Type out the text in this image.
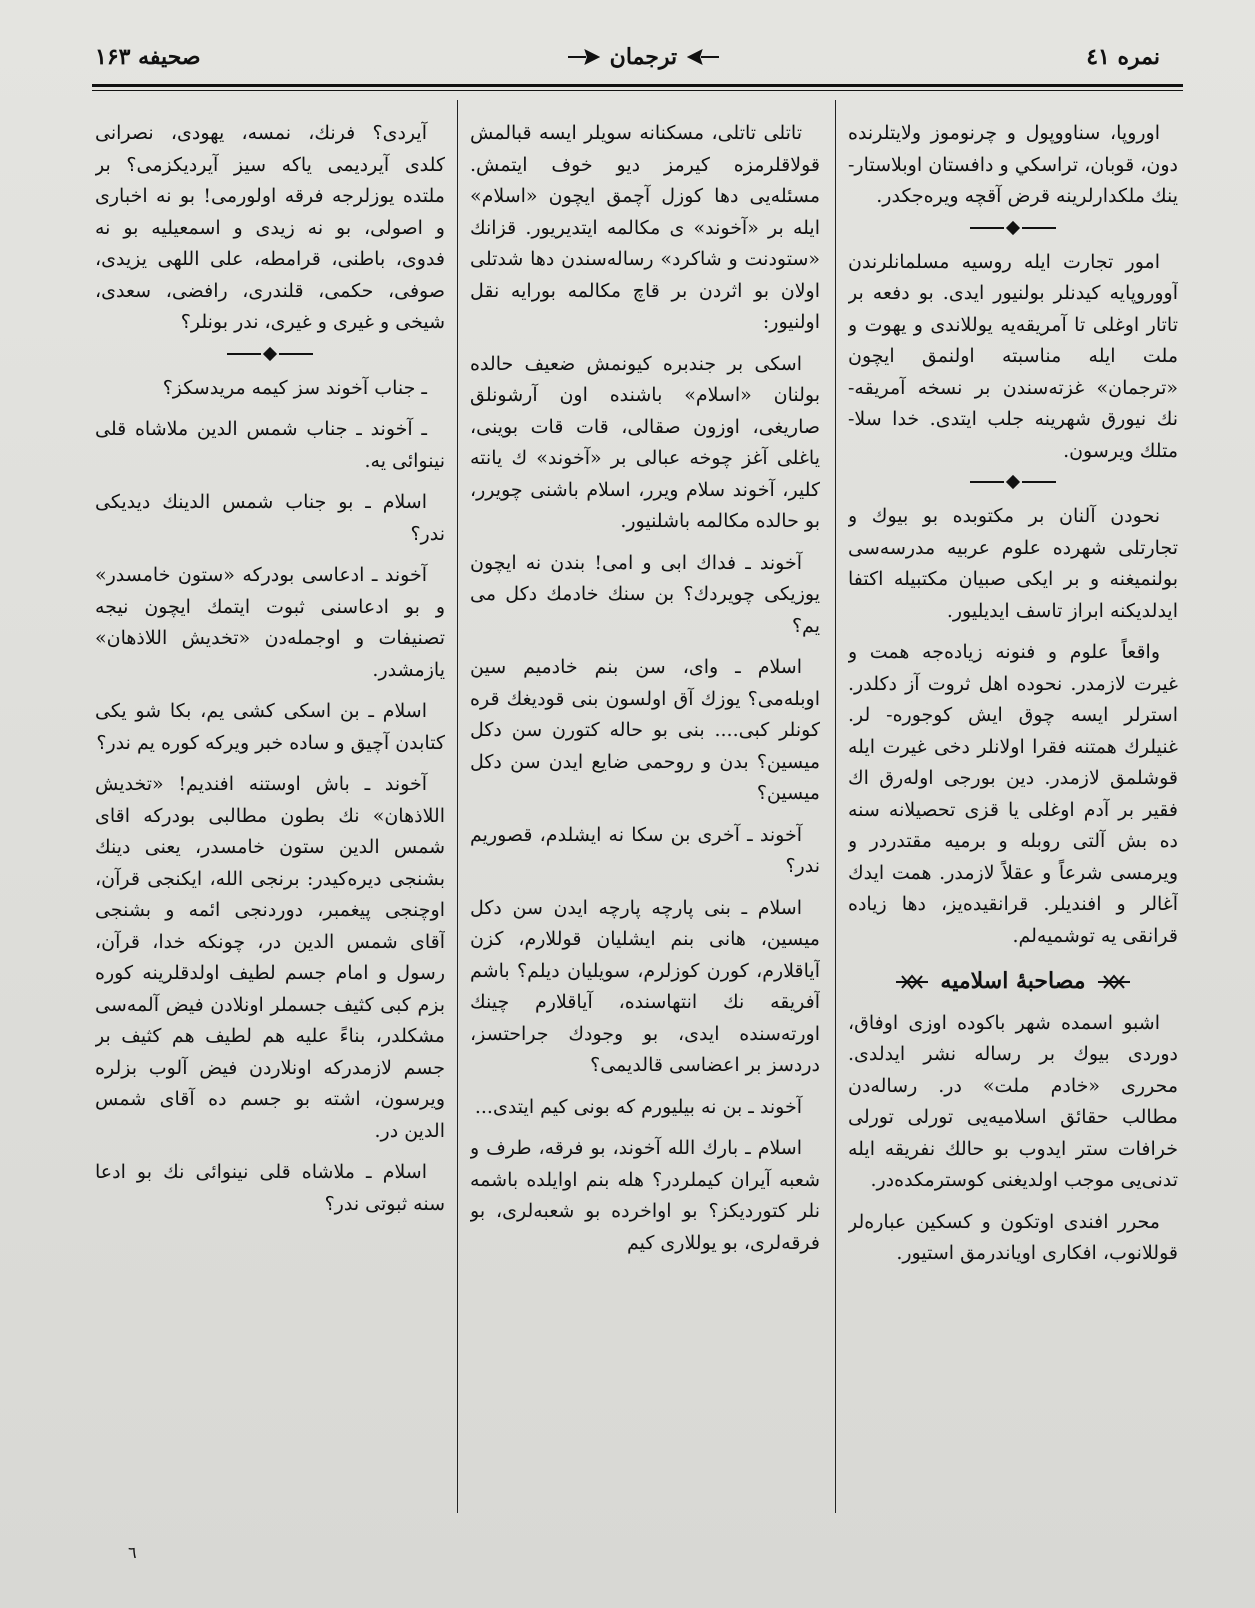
نمره ٤١
ترجمان
صحيفه ۱۶۳

اوروپا، سناووپول و چرنوموز ولايتلرنده دون، قوبان، تراسكي و دافستان اوبلاستار- ينك ملكدارلرينه قرض آقچه ويره‌جكدر.

امور تجارت ايله روسيه مسلمانلرندن آووروپايه كيدنلر بولنيور ايدى. بو دفعه بر تاتار اوغلى تا آمريقه‌يه يوللاندى و يهوت و ملت ايله مناسبته اولنمق ايچون «ترجمان» غزته‌سندن بر نسخه آمريقه- نك نيورق شهرينه جلب ايتدى. خدا سلا- متلك ويرسون.

نحودن آلنان بر مكتوبده بو بيوك و تجارتلى شهرده علوم عربيه مدرسه‌سى بولنميغنه و بر ايكى صبيان مكتبيله اكتفا ايدلديكنه ابراز تاسف ايديليور.

واقعاً علوم و فنونه زياده‌جه همت و غيرت لازمدر. نحوده اهل ثروت آز دكلدر. استرلر ايسه چوق ايش كوجوره- لر. غنيلرك همتنه فقرا اولانلر دخى غيرت ايله قوشلمق لازمدر. دين بورجى اولەرق اك فقير بر آدم اوغلى يا قزى تحصيلانه سنه ده بش آلتى روبله و برميه مقتدردر و ويرمسى شرعاً و عقلاً لازمدر. همت ايدك آغالر و افنديلر. قرانقيده‌يز، دها زياده قرانقى يه توشميه‌لم.

مصاحبهٔ اسلاميه

اشبو اسمده شهر باكوده اوزى اوفاق، دوردى بيوك بر رساله نشر ايدلدى. محررى «خادم ملت» در. رساله‌دن مطالب حقائق اسلاميه‌يى تورلى تورلى خرافات ستر ايدوب بو حالك نفريقه ايله تدنى‌يى موجب اولديغنى كوسترمكده‌در.

محرر افندى اوتكون و كسكين عبارەلر قوللانوب، افكارى اوياندرمق استيور.

تاتلى تاتلى، مسكنانه سويلر ايسه قبالمش قولاقلرمزه كيرمز ديو خوف ايتمش. مسئله‌يى دها كوزل آچمق ايچون «اسلام» ايله بر «آخوند» ى مكالمه ايتديريور. قزانك «ستودنت و شاكرد» رساله‌سندن دها شدتلى اولان بو اثردن بر قاچ مكالمه بورايه نقل اولنيور:

اسكى بر جندبره كيونمش ضعيف حالده بولنان «اسلام» باشنده اون آرشونلق صاريغى، اوزون صقالى، قات قات بوينى، ياغلى آغز چوخه عبالى بر «آخوند» ك يانته كلير، آخوند سلام ويرر، اسلام باشنى چويرر، بو حالده مكالمه باشلنيور.

آخوند ـ فداك ابى و امى! بندن نه ايچون يوزيكى چويردك؟ بن سنك خادمك دكل مى يم؟

اسلام ـ واى، سن بنم خادميم سين اوبله‌مى؟ يوزك آق اولسون بنى قوديغك قره كونلر كبى.... بنى بو حاله كتورن سن دكل ميسين؟ بدن و روحمى ضايع ايدن سن دكل ميسين؟

آخوند ـ آخرى بن سكا نه ايشلدم، قصوريم ندر؟

اسلام ـ بنى پارچه پارچه ايدن سن دكل ميسين، هانى بنم ايشليان قوللارم، كزن آياقلارم، كورن كوزلرم، سويليان ديلم؟ باشم آفريقه نك انتهاسنده، آياقلارم چينك اورته‌سنده ايدى، بو وجودك جراحتسز، دردسز بر اعضاسى قالديمى؟

آخوند ـ بن نه بيليورم كه بونى كيم ايتدى...

اسلام ـ بارك الله آخوند، بو فرقه، طرف و شعبه آيران كيملردر؟ هله بنم اوايلده باشمه نلر كتورديكز؟ بو اواخرده بو شعبه‌لرى، بو فرقه‌لرى، بو يوللارى كيم

آيردى؟ فرنك، نمسه، يهودى، نصرانى كلدى آيرديمى ياكه سيز آيرديكزمى؟ بر ملتده يوزلرجه فرقه اولورمى! بو نه اخبارى و اصولى، بو نه زيدى و اسمعيليه بو نه فدوى، باطنى، قرامطه، على اللهى يزيدى، صوفى، حكمى، قلندرى، رافضى، سعدى، شيخى و غيرى و غيرى، ندر بونلر؟

ـ جناب آخوند سز كيمه مريدسكز؟

ـ آخوند ـ جناب شمس الدين ملاشاه قلى نينوائى يه.

اسلام ـ بو جناب شمس الدينك ديديكى ندر؟

آخوند ـ ادعاسى بودركه «ستون خامسدر» و بو ادعاسنى ثبوت ايتمك ايچون نيجه تصنيفات و اوجمله‌دن «تخديش اللاذهان» يازمشدر.

اسلام ـ بن اسكى كشى يم، بكا شو يكى كتابدن آچيق و ساده خبر ويركه كوره يم ندر؟

آخوند ـ باش اوستنه افنديم! «تخديش اللاذهان» نك بطون مطالبى بودركه اقاى شمس الدين ستون خامسدر، يعنى دينك بشنجى ديره‌كيدر: برنجى الله، ايكنجى قرآن، اوچنجى پيغمبر، دوردنجى ائمه و بشنجى آقاى شمس الدين در، چونكه خدا، قرآن، رسول و امام جسم لطيف اولدقلرينه كوره بزم كبى كثيف جسملر اونلادن فيض آلمه‌سى مشكلدر، بناءً عليه هم لطيف هم كثيف بر جسم لازمدركه اونلاردن فيض آلوب بزلره ويرسون، اشته بو جسم ده آقاى شمس الدين در.

اسلام ـ ملاشاه قلى نينوائى نك بو ادعا سنه ثبوتى ندر؟

٦
